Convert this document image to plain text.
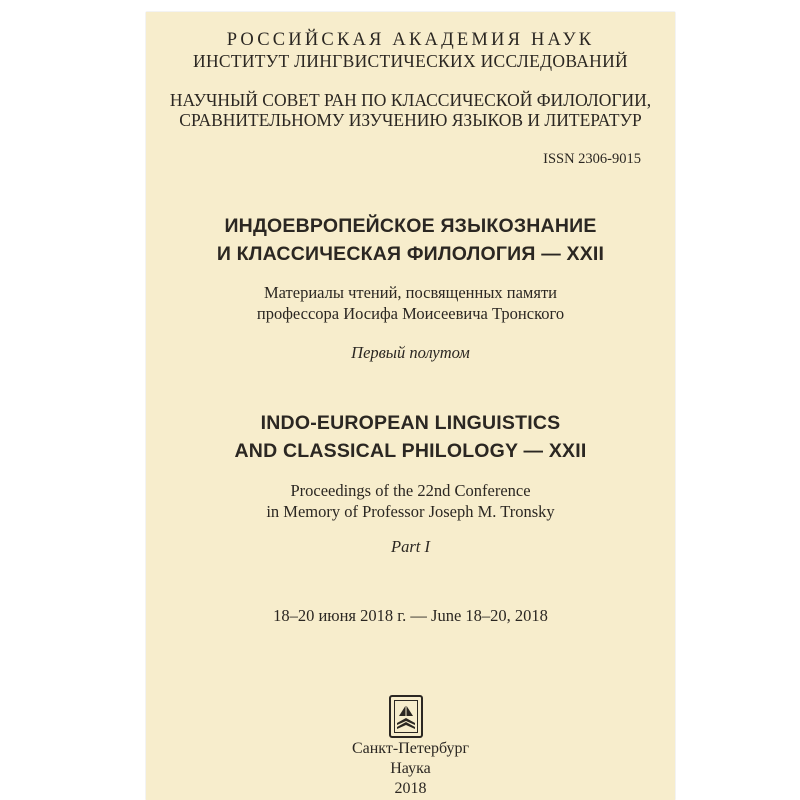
РОССИЙСКАЯ АКАДЕМИЯ НАУК
ИНСТИТУТ ЛИНГВИСТИЧЕСКИХ ИССЛЕДОВАНИЙ
НАУЧНЫЙ СОВЕТ РАН ПО КЛАССИЧЕСКОЙ ФИЛОЛОГИИ,
СРАВНИТЕЛЬНОМУ ИЗУЧЕНИЮ ЯЗЫКОВ И ЛИТЕРАТУР
ISSN 2306-9015
ИНДОЕВРОПЕЙСКОЕ ЯЗЫКОЗНАНИЕ
И КЛАССИЧЕСКАЯ ФИЛОЛОГИЯ — XXII
Материалы чтений, посвященных памяти
профессора Иосифа Моисеевича Тронского
Первый полутом
INDO-EUROPEAN LINGUISTICS
AND CLASSICAL PHILOLOGY — XXII
Proceedings of the 22nd Conference
in Memory of Professor Joseph M. Tronsky
Part I
18–20 июня 2018 г. — June 18–20, 2018
Санкт-Петербург
Наука
2018
